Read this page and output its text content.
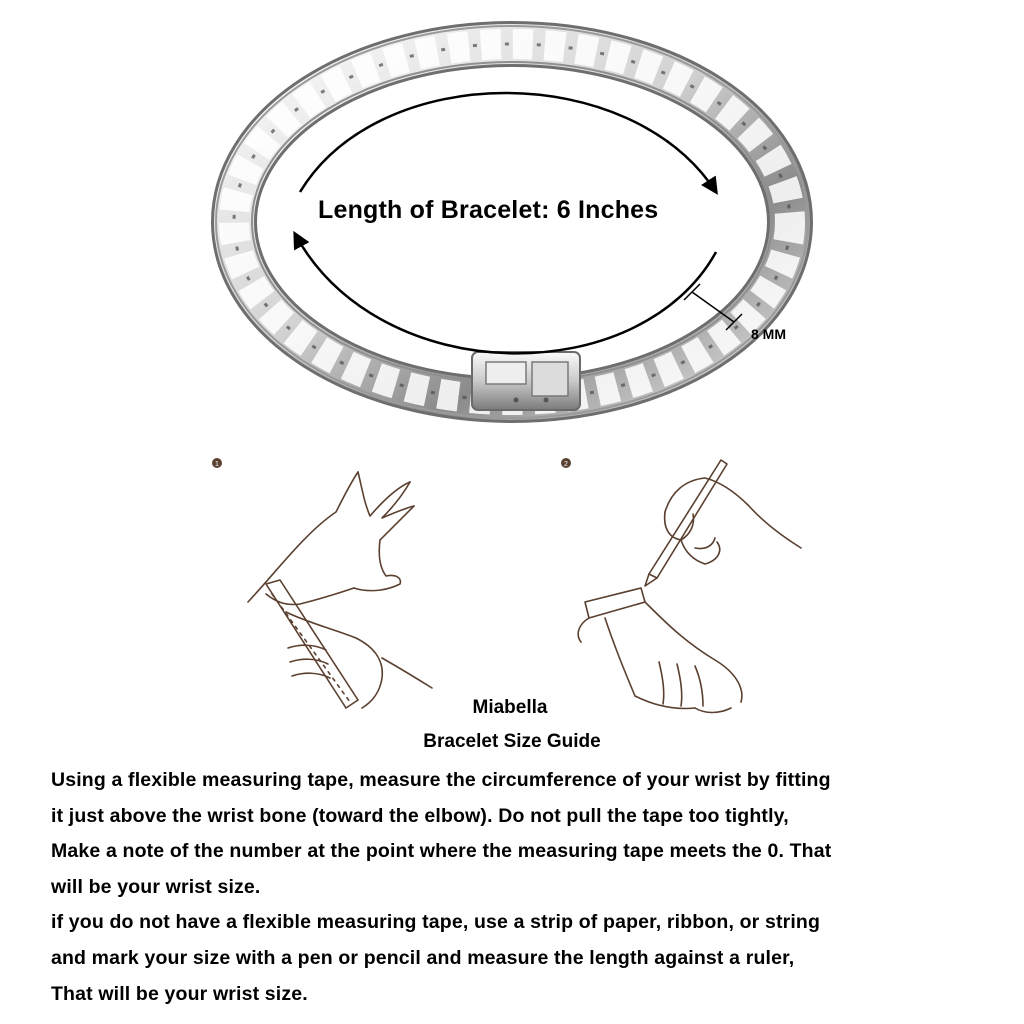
Length of Bracelet: 6 Inches
8 MM
1	2
Miabella
Bracelet Size Guide
Using a flexible measuring tape, measure the circumference of your wrist by fitting
it just above the wrist bone (toward the elbow). Do not pull the tape too tightly,
Make a note of the number at the point where the measuring tape meets the 0. That
will be your wrist size.
if you do not have a flexible measuring tape, use a strip of paper, ribbon, or string
and mark your size with a pen or pencil and measure the length against a ruler,
That will be your wrist size.
